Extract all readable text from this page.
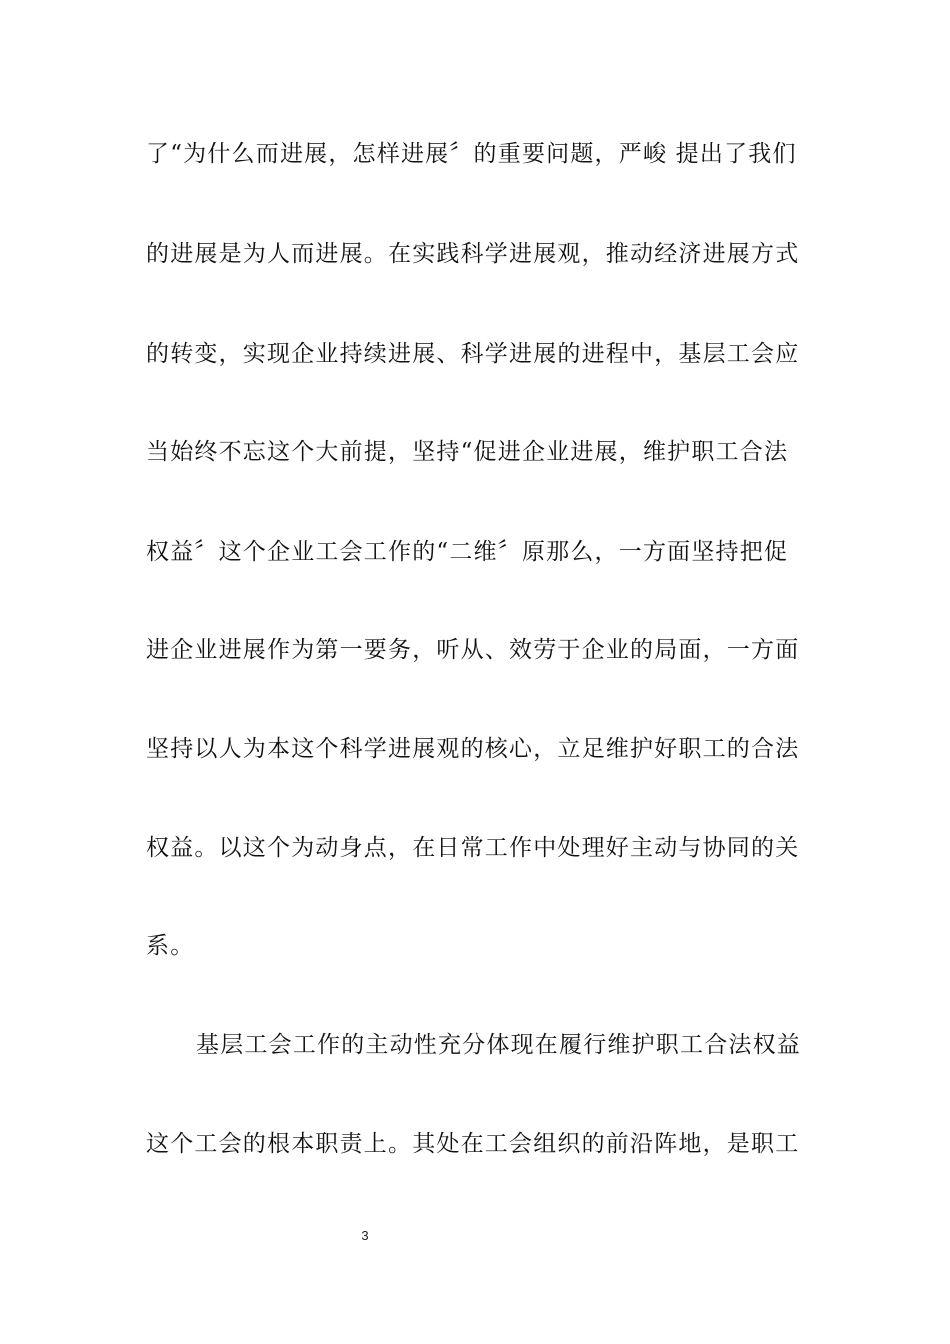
了“为什么而进展，怎样进展〞的重要问题，严峻 提出了我们
的进展是为人而进展。在实践科学进展观，推动经济进展方式
的转变，实现企业持续进展、科学进展的进程中，基层工会应
当始终不忘这个大前提，坚持“促进企业进展，维护职工合法
权益〞这个企业工会工作的“二维〞原那么，一方面坚持把促
进企业进展作为第一要务，听从、效劳于企业的局面，一方面
坚持以人为本这个科学进展观的核心，立足维护好职工的合法
权益。以这个为动身点，在日常工作中处理好主动与协同的关
系。
基层工会工作的主动性充分体现在履行维护职工合法权益
这个工会的根本职责上。其处在工会组织的前沿阵地，是职工
3
